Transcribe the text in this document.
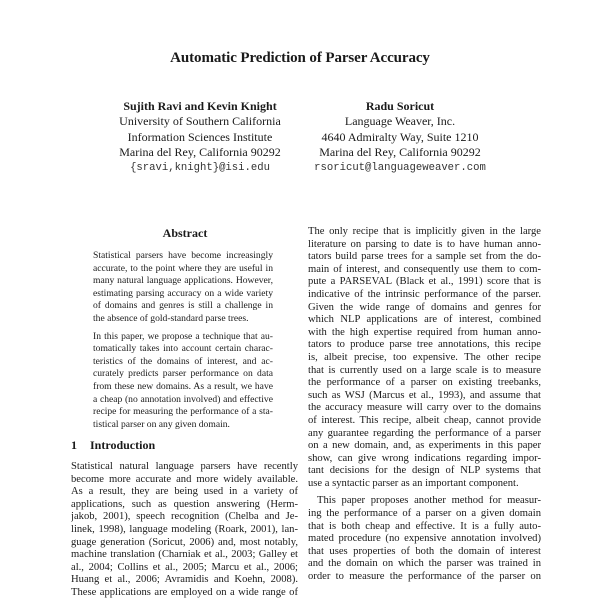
Automatic Prediction of Parser Accuracy
Sujith Ravi and Kevin Knight
University of Southern California
Information Sciences Institute
Marina del Rey, California 90292
{sravi,knight}@isi.edu
Radu Soricut
Language Weaver, Inc.
4640 Admiralty Way, Suite 1210
Marina del Rey, California 90292
rsoricut@languageweaver.com
Abstract
Statistical parsers have become increasingly
accurate, to the point where they are useful in
many natural language applications. However,
estimating parsing accuracy on a wide variety
of domains and genres is still a challenge in
the absence of gold-standard parse trees.
In this paper, we propose a technique that au-
tomatically takes into account certain charac-
teristics of the domains of interest, and ac-
curately predicts parser performance on data
from these new domains. As a result, we have
a cheap (no annotation involved) and effective
recipe for measuring the performance of a sta-
tistical parser on any given domain.
1 Introduction
Statistical natural language parsers have recently
become more accurate and more widely available.
As a result, they are being used in a variety of
applications, such as question answering (Herm-
jakob, 2001), speech recognition (Chelba and Je-
linek, 1998), language modeling (Roark, 2001), lan-
guage generation (Soricut, 2006) and, most notably,
machine translation (Charniak et al., 2003; Galley et
al., 2004; Collins et al., 2005; Marcu et al., 2006;
Huang et al., 2006; Avramidis and Koehn, 2008).
These applications are employed on a wide range of
The only recipe that is implicitly given in the large
literature on parsing to date is to have human anno-
tators build parse trees for a sample set from the do-
main of interest, and consequently use them to com-
pute a PARSEVAL (Black et al., 1991) score that is
indicative of the intrinsic performance of the parser.
Given the wide range of domains and genres for
which NLP applications are of interest, combined
with the high expertise required from human anno-
tators to produce parse tree annotations, this recipe
is, albeit precise, too expensive. The other recipe
that is currently used on a large scale is to measure
the performance of a parser on existing treebanks,
such as WSJ (Marcus et al., 1993), and assume that
the accuracy measure will carry over to the domains
of interest. This recipe, albeit cheap, cannot provide
any guarantee regarding the performance of a parser
on a new domain, and, as experiments in this paper
show, can give wrong indications regarding impor-
tant decisions for the design of NLP systems that
use a syntactic parser as an important component.
This paper proposes another method for measur-
ing the performance of a parser on a given domain
that is both cheap and effective. It is a fully auto-
mated procedure (no expensive annotation involved)
that uses properties of both the domain of interest
and the domain on which the parser was trained in
order to measure the performance of the parser on
